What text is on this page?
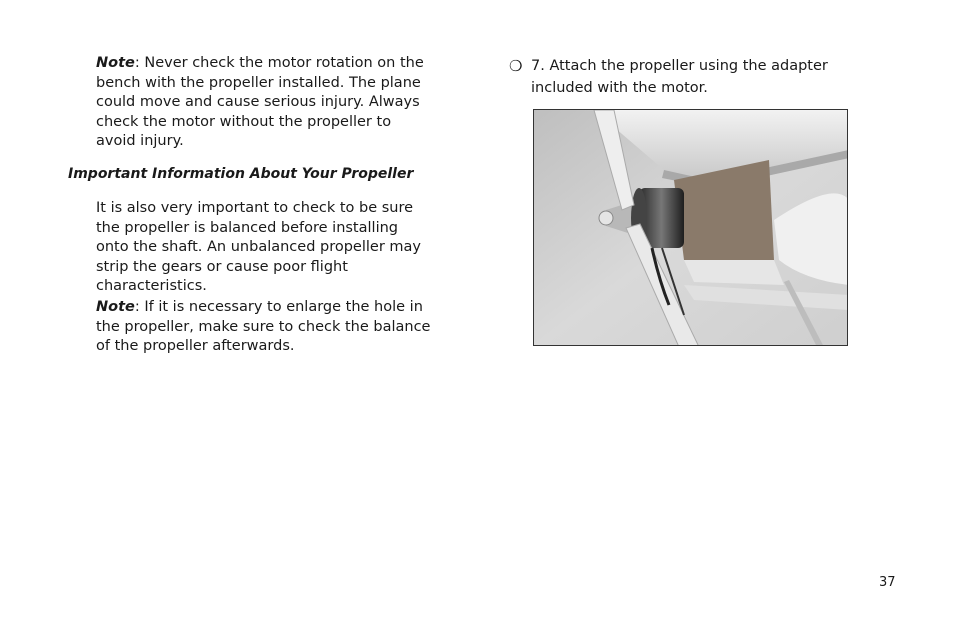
Note: Never check the motor rotation on the bench with the propeller installed. The plane could move and cause serious injury. Always check the motor without the propeller to avoid injury.

Important Information About Your Propeller

It is also very important to check to be sure the propeller is balanced before installing onto the shaft. An unbalanced propeller may strip the gears or cause poor flight characteristics.

Note: If it is necessary to enlarge the hole in the propeller, make sure to check the balance of the propeller afterwards.

❍ 7. Attach the propeller using the adapter included with the motor.
37
